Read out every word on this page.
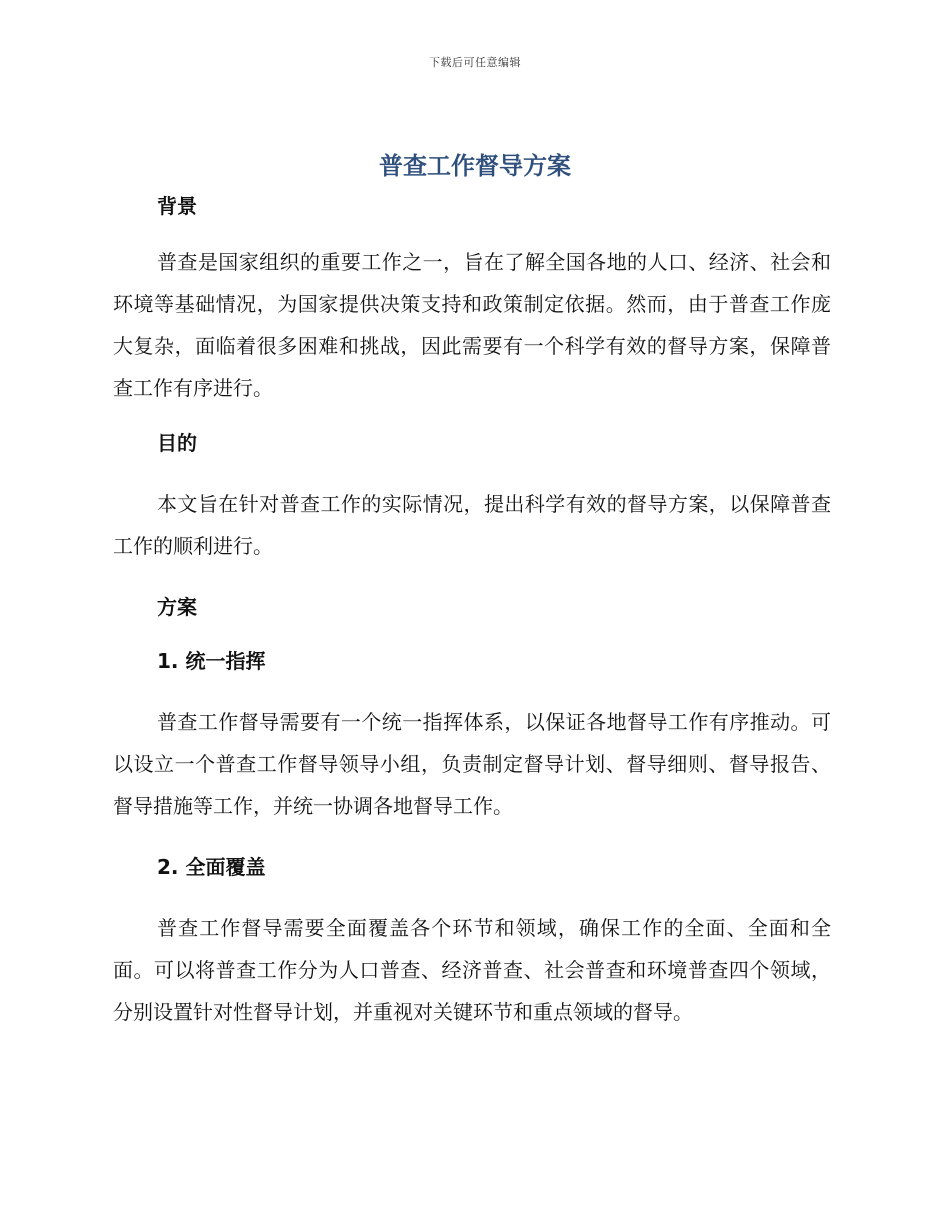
下载后可任意编辑
普查工作督导方案
背景

普查是国家组织的重要工作之一，旨在了解全国各地的人口、经济、社会和环境等基础情况，为国家提供决策支持和政策制定依据。然而，由于普查工作庞大复杂，面临着很多困难和挑战，因此需要有一个科学有效的督导方案，保障普查工作有序进行。

目的

本文旨在针对普查工作的实际情况，提出科学有效的督导方案，以保障普查工作的顺利进行。

方案
1. 统一指挥

普查工作督导需要有一个统一指挥体系，以保证各地督导工作有序推动。可以设立一个普查工作督导领导小组，负责制定督导计划、督导细则、督导报告、督导措施等工作，并统一协调各地督导工作。

2. 全面覆盖

普查工作督导需要全面覆盖各个环节和领域，确保工作的全面、全面和全面。可以将普查工作分为人口普查、经济普查、社会普查和环境普查四个领域，分别设置针对性督导计划，并重视对关键环节和重点领域的督导。
